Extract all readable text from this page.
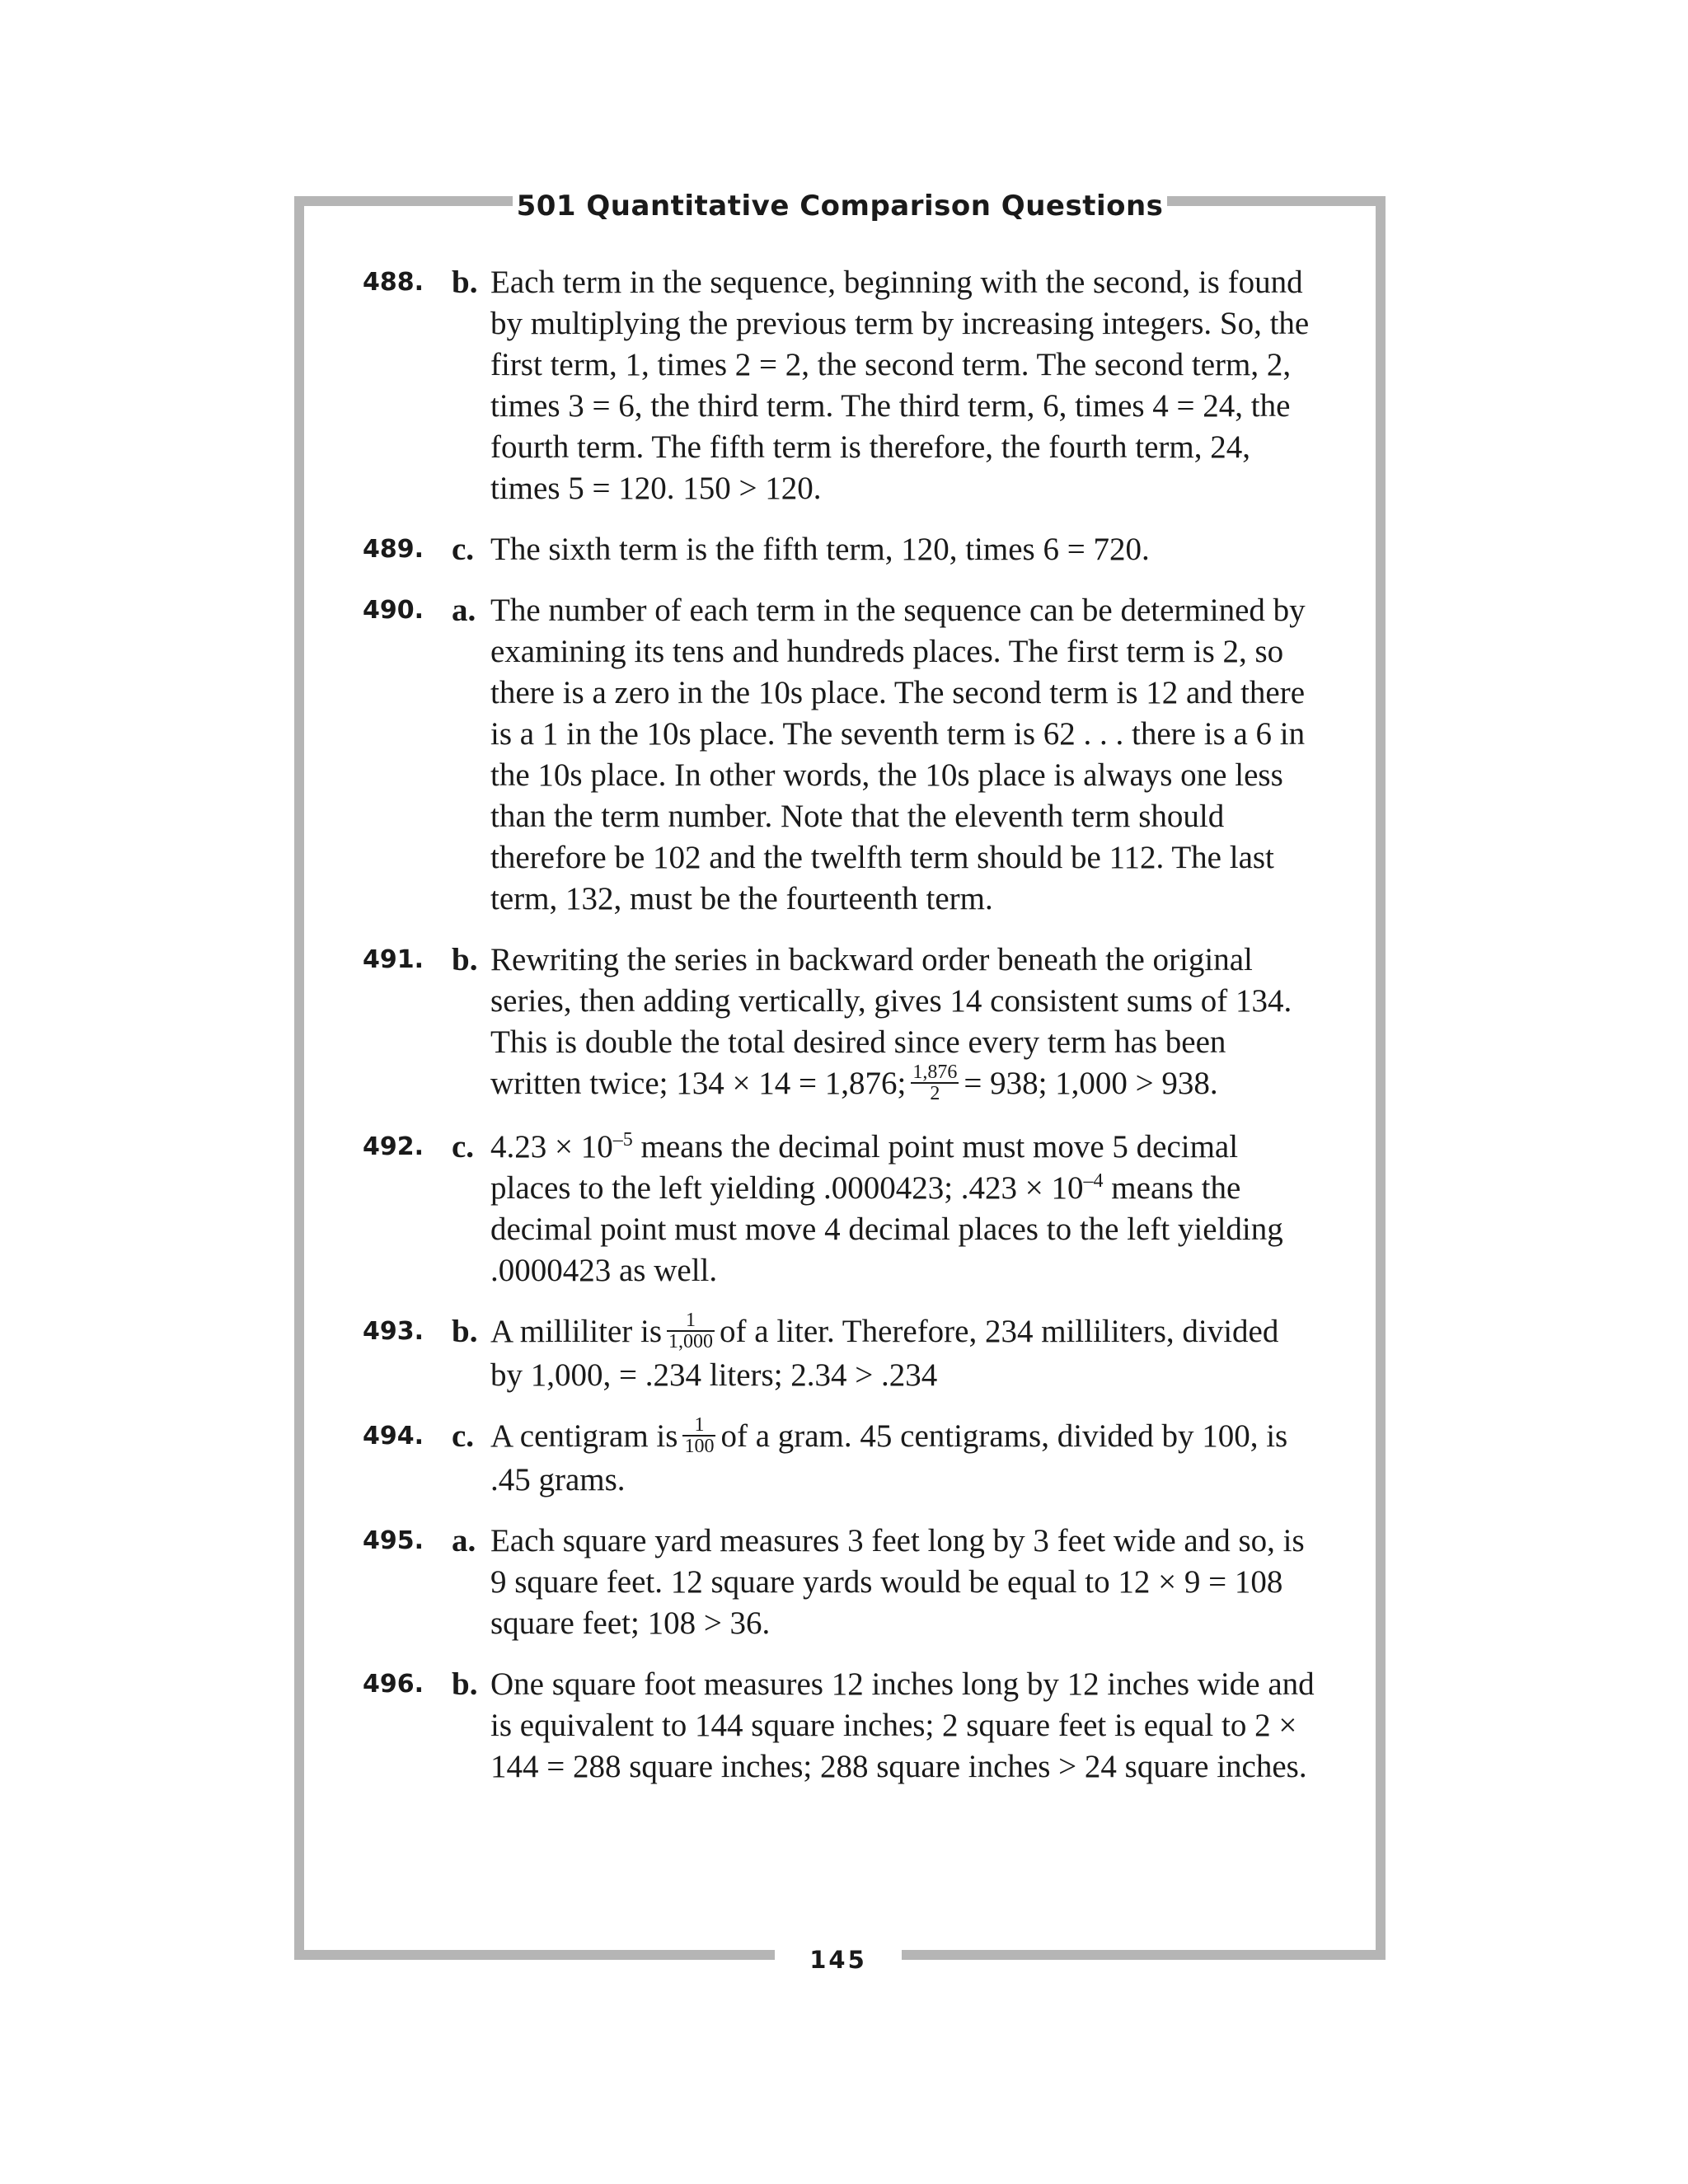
501 Quantitative Comparison Questions
488. b. Each term in the sequence, beginning with the second, is found by multiplying the previous term by increasing integers. So, the first term, 1, times 2 = 2, the second term. The second term, 2, times 3 = 6, the third term. The third term, 6, times 4 = 24, the fourth term. The fifth term is therefore, the fourth term, 24, times 5 = 120. 150 > 120.
489. c. The sixth term is the fifth term, 120, times 6 = 720.
490. a. The number of each term in the sequence can be determined by examining its tens and hundreds places. The first term is 2, so there is a zero in the 10s place. The second term is 12 and there is a 1 in the 10s place. The seventh term is 62 . . . there is a 6 in the 10s place. In other words, the 10s place is always one less than the term number. Note that the eleventh term should therefore be 102 and the twelfth term should be 112. The last term, 132, must be the fourteenth term.
491. b. Rewriting the series in backward order beneath the original series, then adding vertically, gives 14 consistent sums of 134. This is double the total desired since every term has been written twice; 134 × 14 = 1,876; $\frac{1,876}{2} = 938$; 1,000 > 938.
492. c. $4.23 \times 10^{-5}$ means the decimal point must move 5 decimal places to the left yielding .0000423; $.423 \times 10^{-4}$ means the decimal point must move 4 decimal places to the left yielding .0000423 as well.
493. b. A milliliter is $\frac{1}{1,000}$ of a liter. Therefore, 234 milliliters, divided by 1,000, = .234 liters; 2.34 > .234
494. c. A centigram is $\frac{1}{100}$ of a gram. 45 centigrams, divided by 100, is .45 grams.
495. a. Each square yard measures 3 feet long by 3 feet wide and so, is 9 square feet. 12 square yards would be equal to 12 × 9 = 108 square feet; 108 > 36.
496. b. One square foot measures 12 inches long by 12 inches wide and is equivalent to 144 square inches; 2 square feet is equal to 2 × 144 = 288 square inches; 288 square inches > 24 square inches.
145
